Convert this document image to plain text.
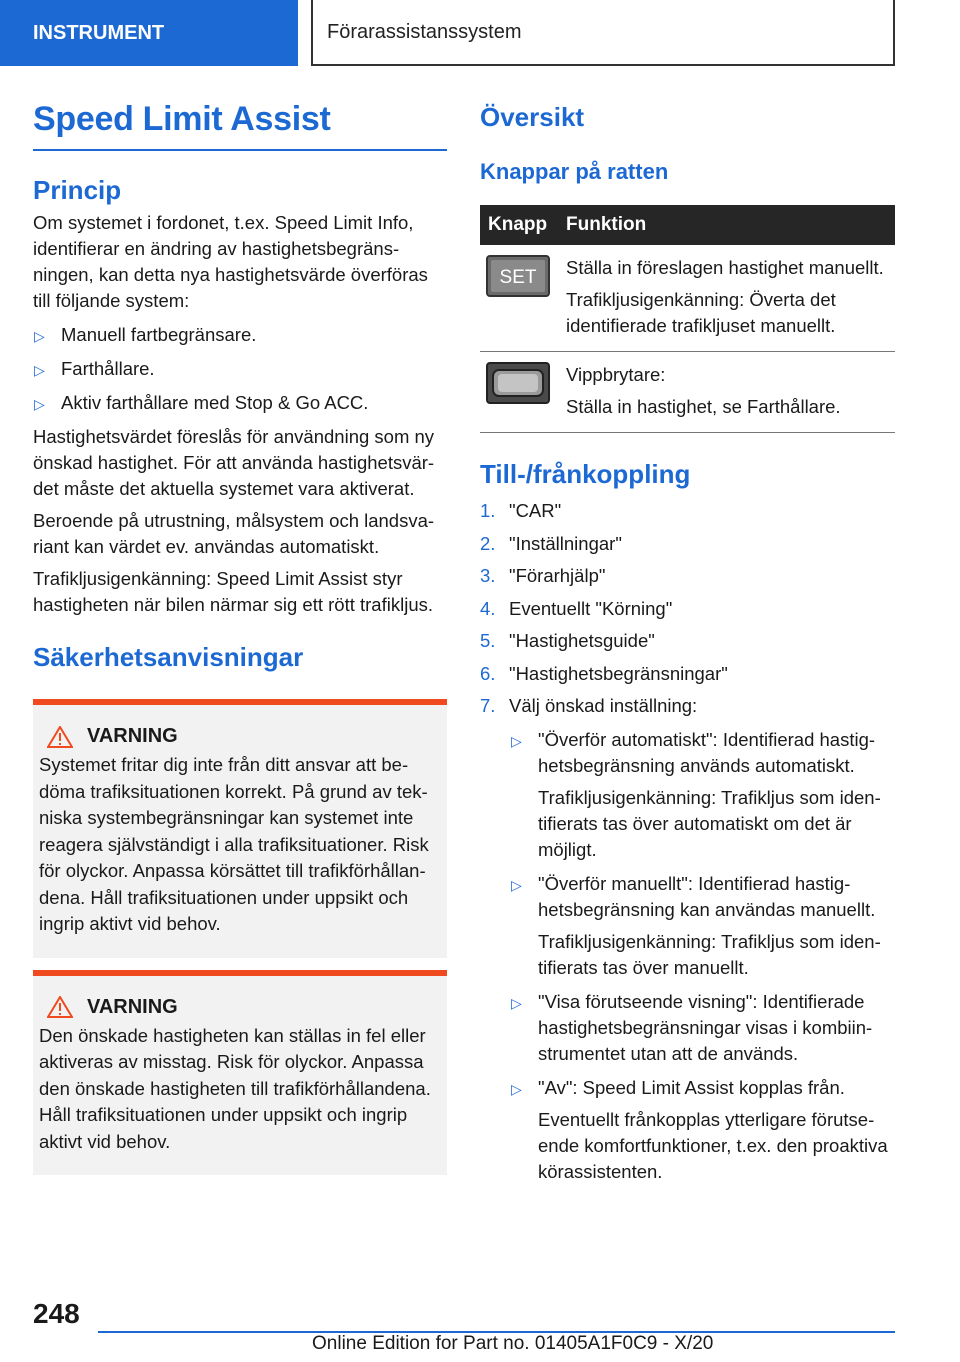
INSTRUMENT	Förarassistanssystem
Speed Limit Assist
Princip

Om systemet i fordonet, t.ex. Speed Limit Info, identifierar en ändring av hastighetsbegränsningen, kan detta nya hastighetsvärde överföras till följande system:

▷ Manuell fartbegränsare.
▷ Farthållare.
▷ Aktiv farthållare med Stop & Go ACC.

Hastighetsvärdet föreslås för användning som ny önskad hastighet. För att använda hastighetsvärdet måste det aktuella systemet vara aktiverat.

Beroende på utrustning, målsystem och landsvariant kan värdet ev. användas automatiskt.

Trafikljusigenkänning: Speed Limit Assist styr hastigheten när bilen närmar sig ett rött trafikljus.

Säkerhetsanvisningar
VARNING

Systemet fritar dig inte från ditt ansvar att bedöma trafiksituationen korrekt. På grund av tekniska systembegränsningar kan systemet inte reagera självständigt i alla trafiksituationer. Risk för olyckor. Anpassa körsättet till trafikförhållandena. Håll trafiksituationen under uppsikt och ingrip aktivt vid behov.

VARNING

Den önskade hastigheten kan ställas in fel eller aktiveras av misstag. Risk för olyckor. Anpassa den önskade hastigheten till trafikförhållandena. Håll trafiksituationen under uppsikt och ingrip aktivt vid behov.

Översikt
Knappar på ratten
Knapp	Funktion

SET	Ställa in föreslagen hastighet manuellt.
Trafikljusigenkänning: Överta det identifierade trafikljuset manuellt.

Vippbrytare:
Ställa in hastighet, se Farthållare.
Till-/frånkoppling
1. "CAR"
2. "Inställningar"
3. "Förarhjälp"
4. Eventuellt "Körning"
5. "Hastighetsguide"
6. "Hastighetsbegränsningar"
7. Välj önskad inställning:
▷ "Överför automatiskt": Identifierad hastighetsbegränsning används automatiskt.

Trafikljusigenkänning: Trafikljus som identifierats tas över automatiskt om det är möjligt.

▷ "Överför manuellt": Identifierad hastighetsbegränsning kan användas manuellt.

Trafikljusigenkänning: Trafikljus som identifierats tas över manuellt.

▷ "Visa förutseende visning": Identifierade hastighetsbegränsningar visas i kombiinstrumentet utan att de används.
▷ "Av": Speed Limit Assist kopplas från.

Eventuellt frånkopplas ytterligare förutseende komfortfunktioner, t.ex. den proaktiva körassistenten.

248
Online Edition for Part no. 01405A1F0C9 - X/20
